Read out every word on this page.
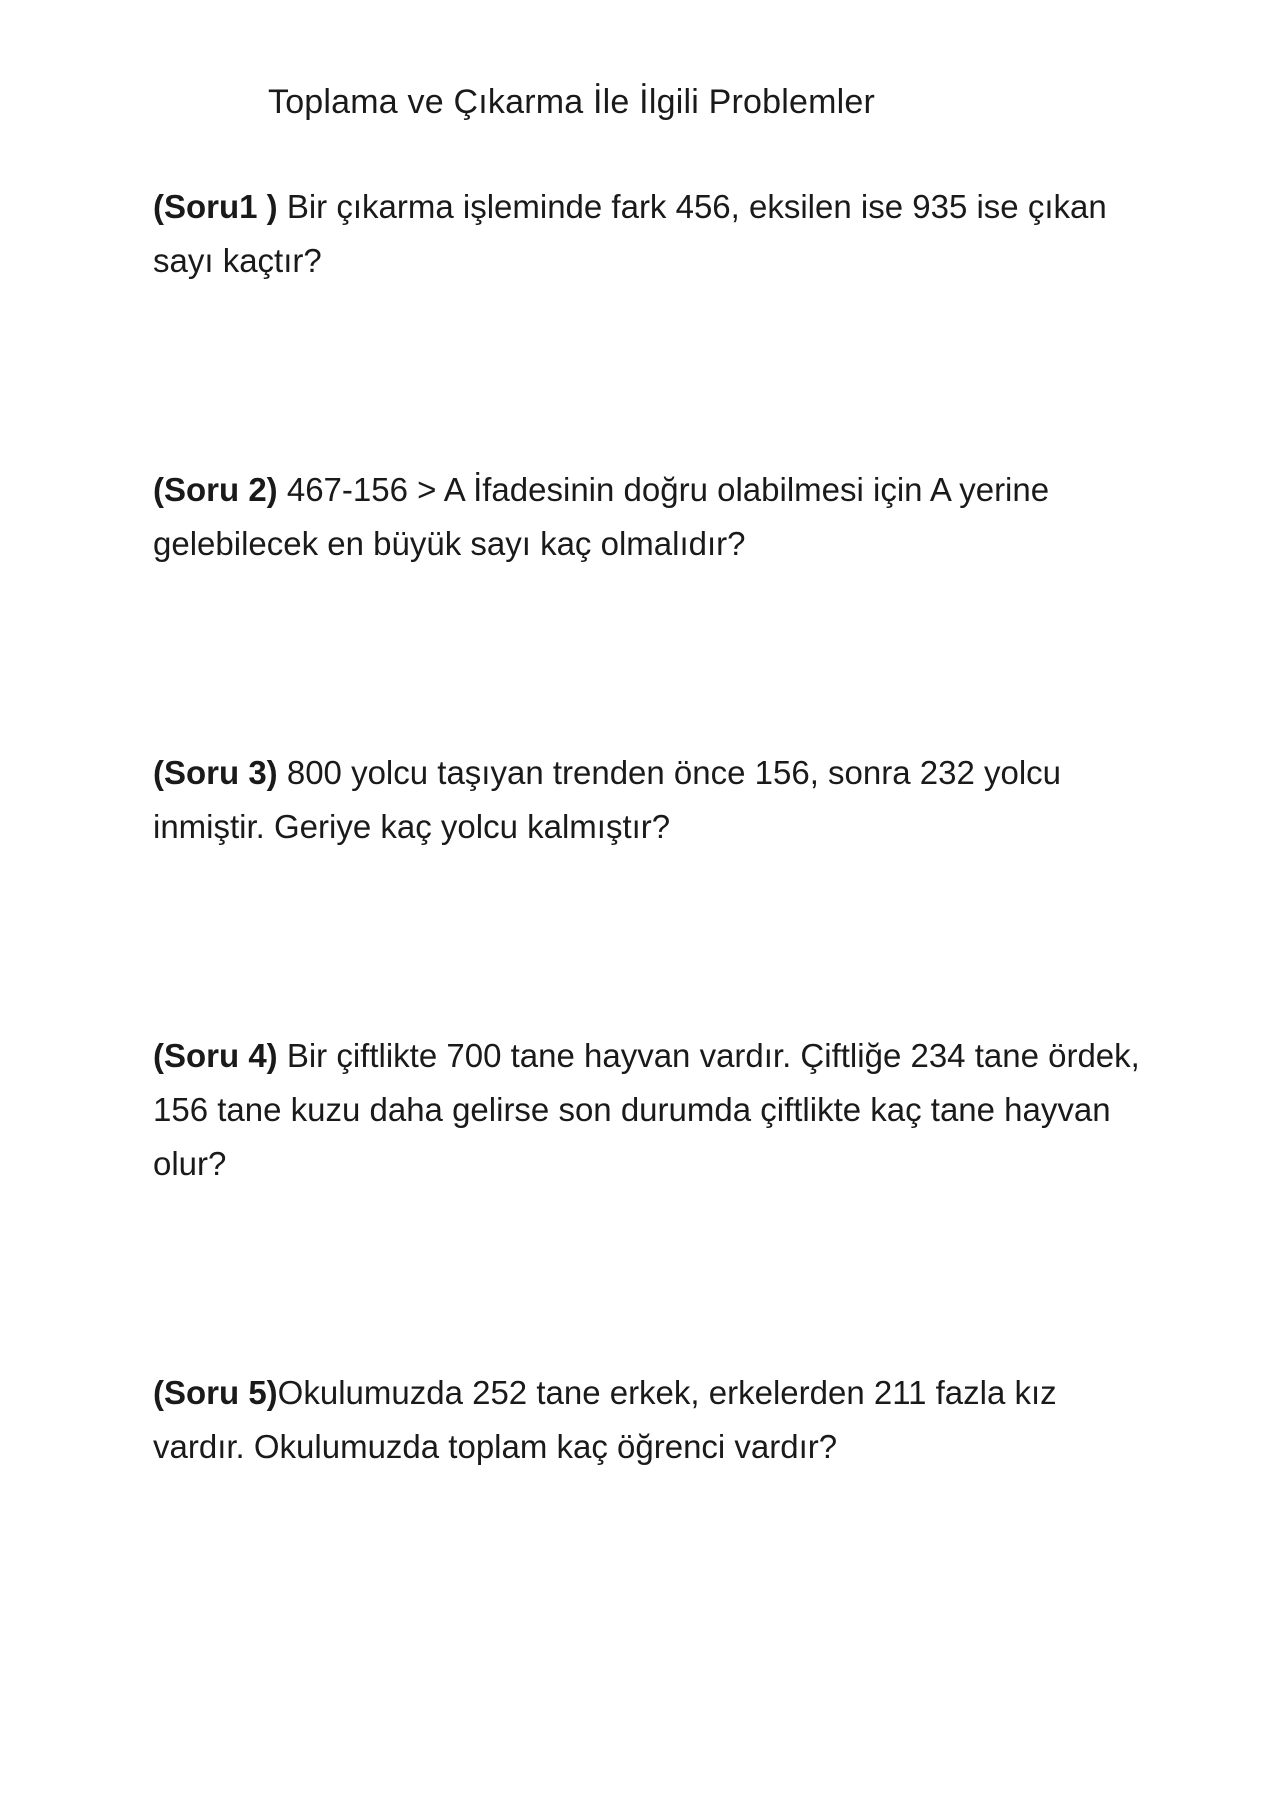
Toplama ve Çıkarma İle İlgili Problemler

(Soru1 ) Bir çıkarma işleminde fark 456, eksilen ise 935 ise çıkan sayı kaçtır?

(Soru 2) 467-156 > A İfadesinin doğru olabilmesi için A yerine gelebilecek en büyük sayı kaç olmalıdır?

(Soru 3) 800 yolcu taşıyan trenden önce 156, sonra 232 yolcu inmiştir. Geriye kaç yolcu kalmıştır?

(Soru 4) Bir çiftlikte 700 tane hayvan vardır. Çiftliğe 234 tane ördek, 156 tane kuzu daha gelirse son durumda çiftlikte kaç tane hayvan olur?

(Soru 5)Okulumuzda 252 tane erkek, erkelerden 211 fazla kız vardır. Okulumuzda toplam kaç öğrenci vardır?
